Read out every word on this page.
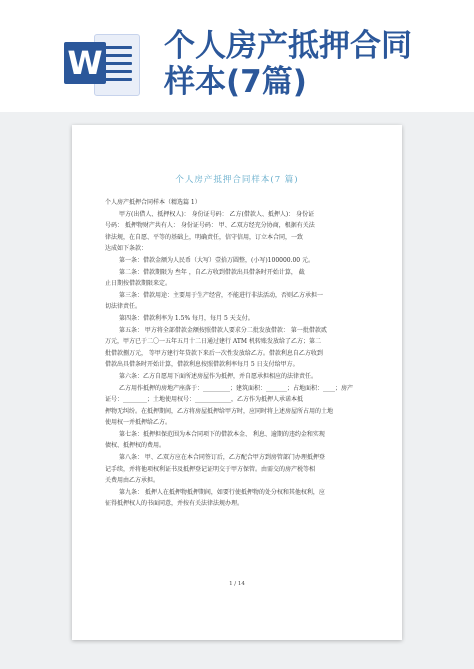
W 个人房产抵押合同
样本(7篇)
个人房产抵押合同样本(7 篇)

个人房产抵押合同样本（精选篇 1）

甲方(出借人、抵押权人)： 身份证号码： 乙方(借款人、抵押人)： 身份证

号码： 抵押物财产共有人： 身份证号码： 甲、乙双方经充分协商，根据有关法

律法规，在自愿、平等的基础上，明确责任，信守信用，订立本合同，一致

达成如下条款：

第一条：借款金额为人民币（大写）壹拾万圆整，(小写)100000.00 元。

第二条：借款期限为 叁年 ，自乙方收到借款出具借条时开始计算， 截

止日期按借款期限来定。

第三条：借款用途：主要用于生产经营，不能进行非法活动，否则乙方承担一

切法律责任。

第四条：借款利率为 1.5% 每月，每月 5 天支付。

第五条： 甲方将全部借款金额按照借款人要求分二批发放借款： 第一批借款贰

万元，甲方已于二〇一五年五月十二日通过建行 ATM 机转账发放给了乙方；第二

批借款捌万元， 等甲方建行年贷款下来后一次性发放给乙方。借款利息自乙方收到

借款出具借条时开始计算，借款利息按照借款利率每月 5 日支付给甲方。

第六条：乙方自愿用下面所述房屋作为抵押，并自愿承担相应的法律责任。

乙方用作抵押的房地产座落于：_________；建筑面积：_______；占地面积：____；房产

证号：________；土地使用权号：____________，乙方作为抵押人承诺本抵

押物无纠纷。在抵押期间，乙方将房屋抵押给甲方时，应同时将上述房屋所占用的土地

使用权一并抵押给乙方。

第七条：抵押担保范围为本合同项下的借款本金、 利息、逾期的违约金和实现

债权、抵押权的费用。

第八条： 甲、乙双方应在本合同签订后，乙方配合甲方到房管部门办理抵押登

记手续，并将他项权利证书及抵押登记证明交于甲方保管。由需交的房产税等相

关费用由乙方承担。

第九条： 抵押人在抵押物抵押期间，如要行使抵押物的处分权和其他权利，应

征得抵押权人的书面同意，并按有关法律法规办理。

1 / 14
